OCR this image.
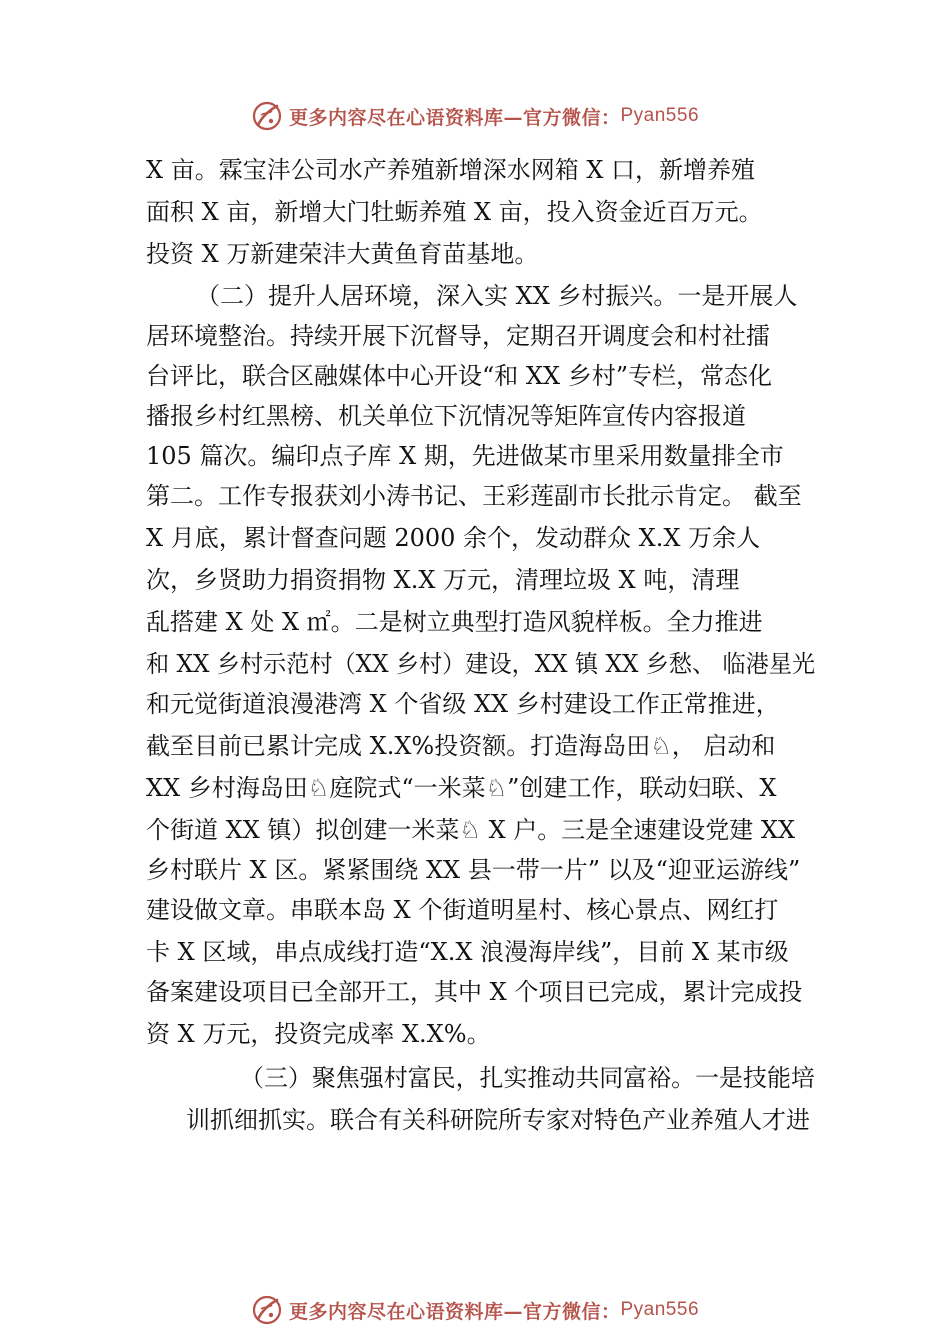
更多内容尽在心语资料库—官方微信： Pyan556
X 亩。霖宝沣公司水产养殖新增深水网箱 X 口，新增养殖
面积 X 亩，新增大门牡蛎养殖 X 亩，投入资金近百万元。
投资 X 万新建荣沣大黄鱼育苗基地。
（二）提升人居环境，深入实 XX 乡村振兴。一是开展人
居环境整治。持续开展下沉督导，定期召开调度会和村社擂
台评比，联合区融媒体中心开设“和 XX 乡村”专栏，常态化
播报乡村红黑榜、机关单位下沉情况等矩阵宣传内容报道
105 篇次。编印点子库 X 期，先进做某市里采用数量排全市
第二。工作专报获刘小涛书记、王彩莲副市长批示肯定。 截至
X 月底，累计督查问题 2000 余个，发动群众 X.X 万余人
次，乡贤助力捐资捐物 X.X 万元，清理垃圾 X 吨，清理
乱搭建 X 处 X ㎡。二是树立典型打造风貌样板。全力推进
和 XX 乡村示范村（XX 乡村）建设，XX 镇 XX 乡愁、 临港星光
和元觉街道浪漫港湾 X 个省级 XX 乡村建设工作正常推进，
截至目前已累计完成 X.X%投资额。打造海岛田♘， 启动和
XX 乡村海岛田♘庭院式“一米菜♘”创建工作，联动妇联、X
个街道 XX 镇）拟创建一米菜♘ X 户。三是全速建设党建 XX
乡村联片 X 区。紧紧围绕 XX 县一带一片” 以及“迎亚运游线”
建设做文章。串联本岛 X 个街道明星村、核心景点、网红打
卡 X 区域，串点成线打造“X.X 浪漫海岸线”，目前 X 某市级
备案建设项目已全部开工，其中 X 个项目已完成，累计完成投
资 X 万元，投资完成率 X.X%。
（三）聚焦强村富民，扎实推动共同富裕。一是技能培
训抓细抓实。联合有关科研院所专家对特色产业养殖人才进
更多内容尽在心语资料库—官方微信： Pyan556
